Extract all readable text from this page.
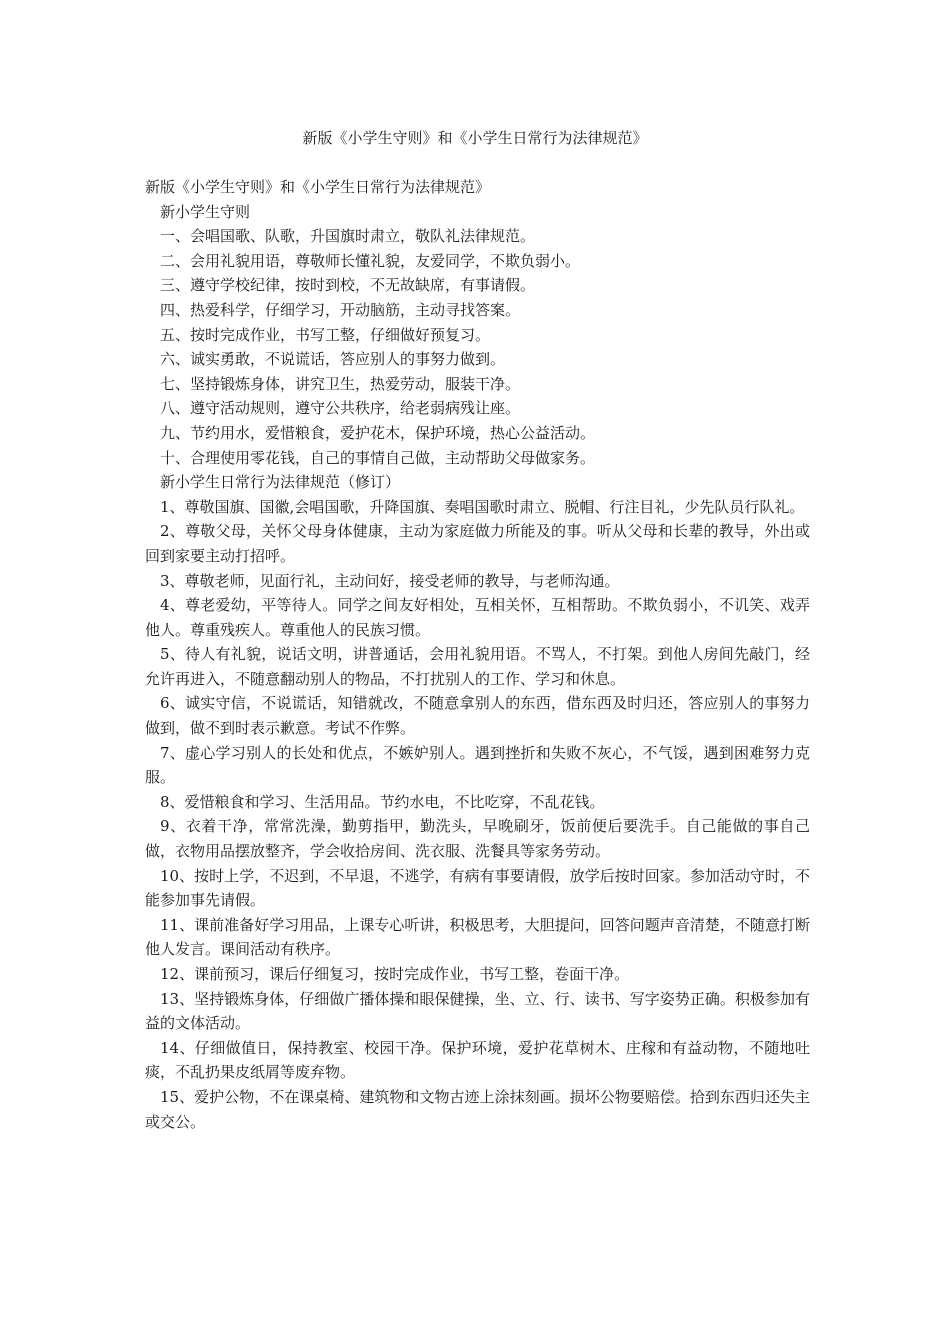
新版《小学生守则》和《小学生日常行为法律规范》

新版《小学生守则》和《小学生日常行为法律规范》

新小学生守则

一、会唱国歌、队歌，升国旗时肃立，敬队礼法律规范。

二、会用礼貌用语，尊敬师长懂礼貌，友爱同学，不欺负弱小。

三、遵守学校纪律，按时到校，不无故缺席，有事请假。

四、热爱科学，仔细学习，开动脑筋，主动寻找答案。

五、按时完成作业，书写工整，仔细做好预复习。

六、诚实勇敢，不说谎话，答应别人的事努力做到。

七、坚持锻炼身体，讲究卫生，热爱劳动，服装干净。

八、遵守活动规则，遵守公共秩序，给老弱病残让座。

九、节约用水，爱惜粮食，爱护花木，保护环境，热心公益活动。

十、合理使用零花钱，自己的事情自己做，主动帮助父母做家务。

新小学生日常行为法律规范（修订）

1、尊敬国旗、国徽,会唱国歌，升降国旗、奏唱国歌时肃立、脱帽、行注目礼，少先队员行队礼。

2、尊敬父母，关怀父母身体健康，主动为家庭做力所能及的事。听从父母和长辈的教导，外出或回到家要主动打招呼。

3、尊敬老师，见面行礼，主动问好，接受老师的教导，与老师沟通。

4、尊老爱幼，平等待人。同学之间友好相处，互相关怀，互相帮助。不欺负弱小，不讥笑、戏弄他人。尊重残疾人。尊重他人的民族习惯。

5、待人有礼貌，说话文明，讲普通话，会用礼貌用语。不骂人，不打架。到他人房间先敲门，经允许再进入，不随意翻动别人的物品，不打扰别人的工作、学习和休息。

6、诚实守信，不说谎话，知错就改，不随意拿别人的东西，借东西及时归还，答应别人的事努力做到，做不到时表示歉意。考试不作弊。

7、虚心学习别人的长处和优点，不嫉妒别人。遇到挫折和失败不灰心，不气馁，遇到困难努力克服。

8、爱惜粮食和学习、生活用品。节约水电，不比吃穿，不乱花钱。

9、衣着干净，常常洗澡，勤剪指甲，勤洗头，早晚刷牙，饭前便后要洗手。自己能做的事自己做，衣物用品摆放整齐，学会收拾房间、洗衣服、洗餐具等家务劳动。

10、按时上学，不迟到，不早退，不逃学，有病有事要请假，放学后按时回家。参加活动守时，不能参加事先请假。

11、课前准备好学习用品，上课专心听讲，积极思考，大胆提问，回答问题声音清楚，不随意打断他人发言。课间活动有秩序。

12、课前预习，课后仔细复习，按时完成作业，书写工整，卷面干净。

13、坚持锻炼身体，仔细做广播体操和眼保健操，坐、立、行、读书、写字姿势正确。积极参加有益的文体活动。

14、仔细做值日，保持教室、校园干净。保护环境，爱护花草树木、庄稼和有益动物，不随地吐痰，不乱扔果皮纸屑等废弃物。

15、爱护公物，不在课桌椅、建筑物和文物古迹上涂抹刻画。损坏公物要赔偿。拾到东西归还失主或交公。
